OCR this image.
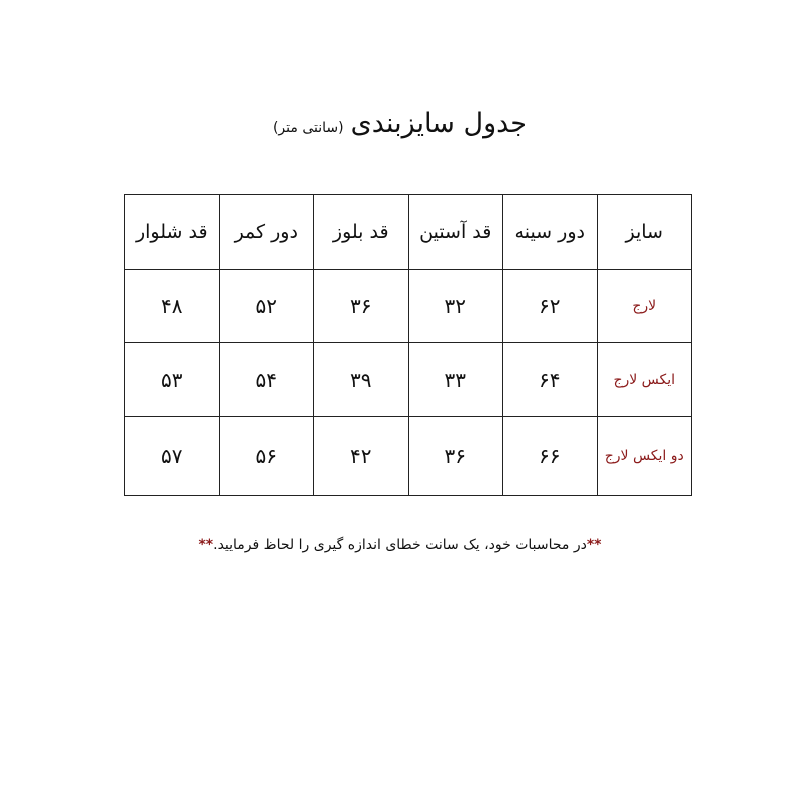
جدول سایزبندی (سانتی متر)
سایز	دور سینه	قد آستین	قد بلوز	دور کمر	قد شلوار
لارج	۶۲	۳۲	۳۶	۵۲	۴۸
ایکس لارج	۶۴	۳۳	۳۹	۵۴	۵۳
دو ایکس لارج	۶۶	۳۶	۴۲	۵۶	۵۷
**در محاسبات خود، یک سانت خطای اندازه گیری را لحاظ فرمایید.**
